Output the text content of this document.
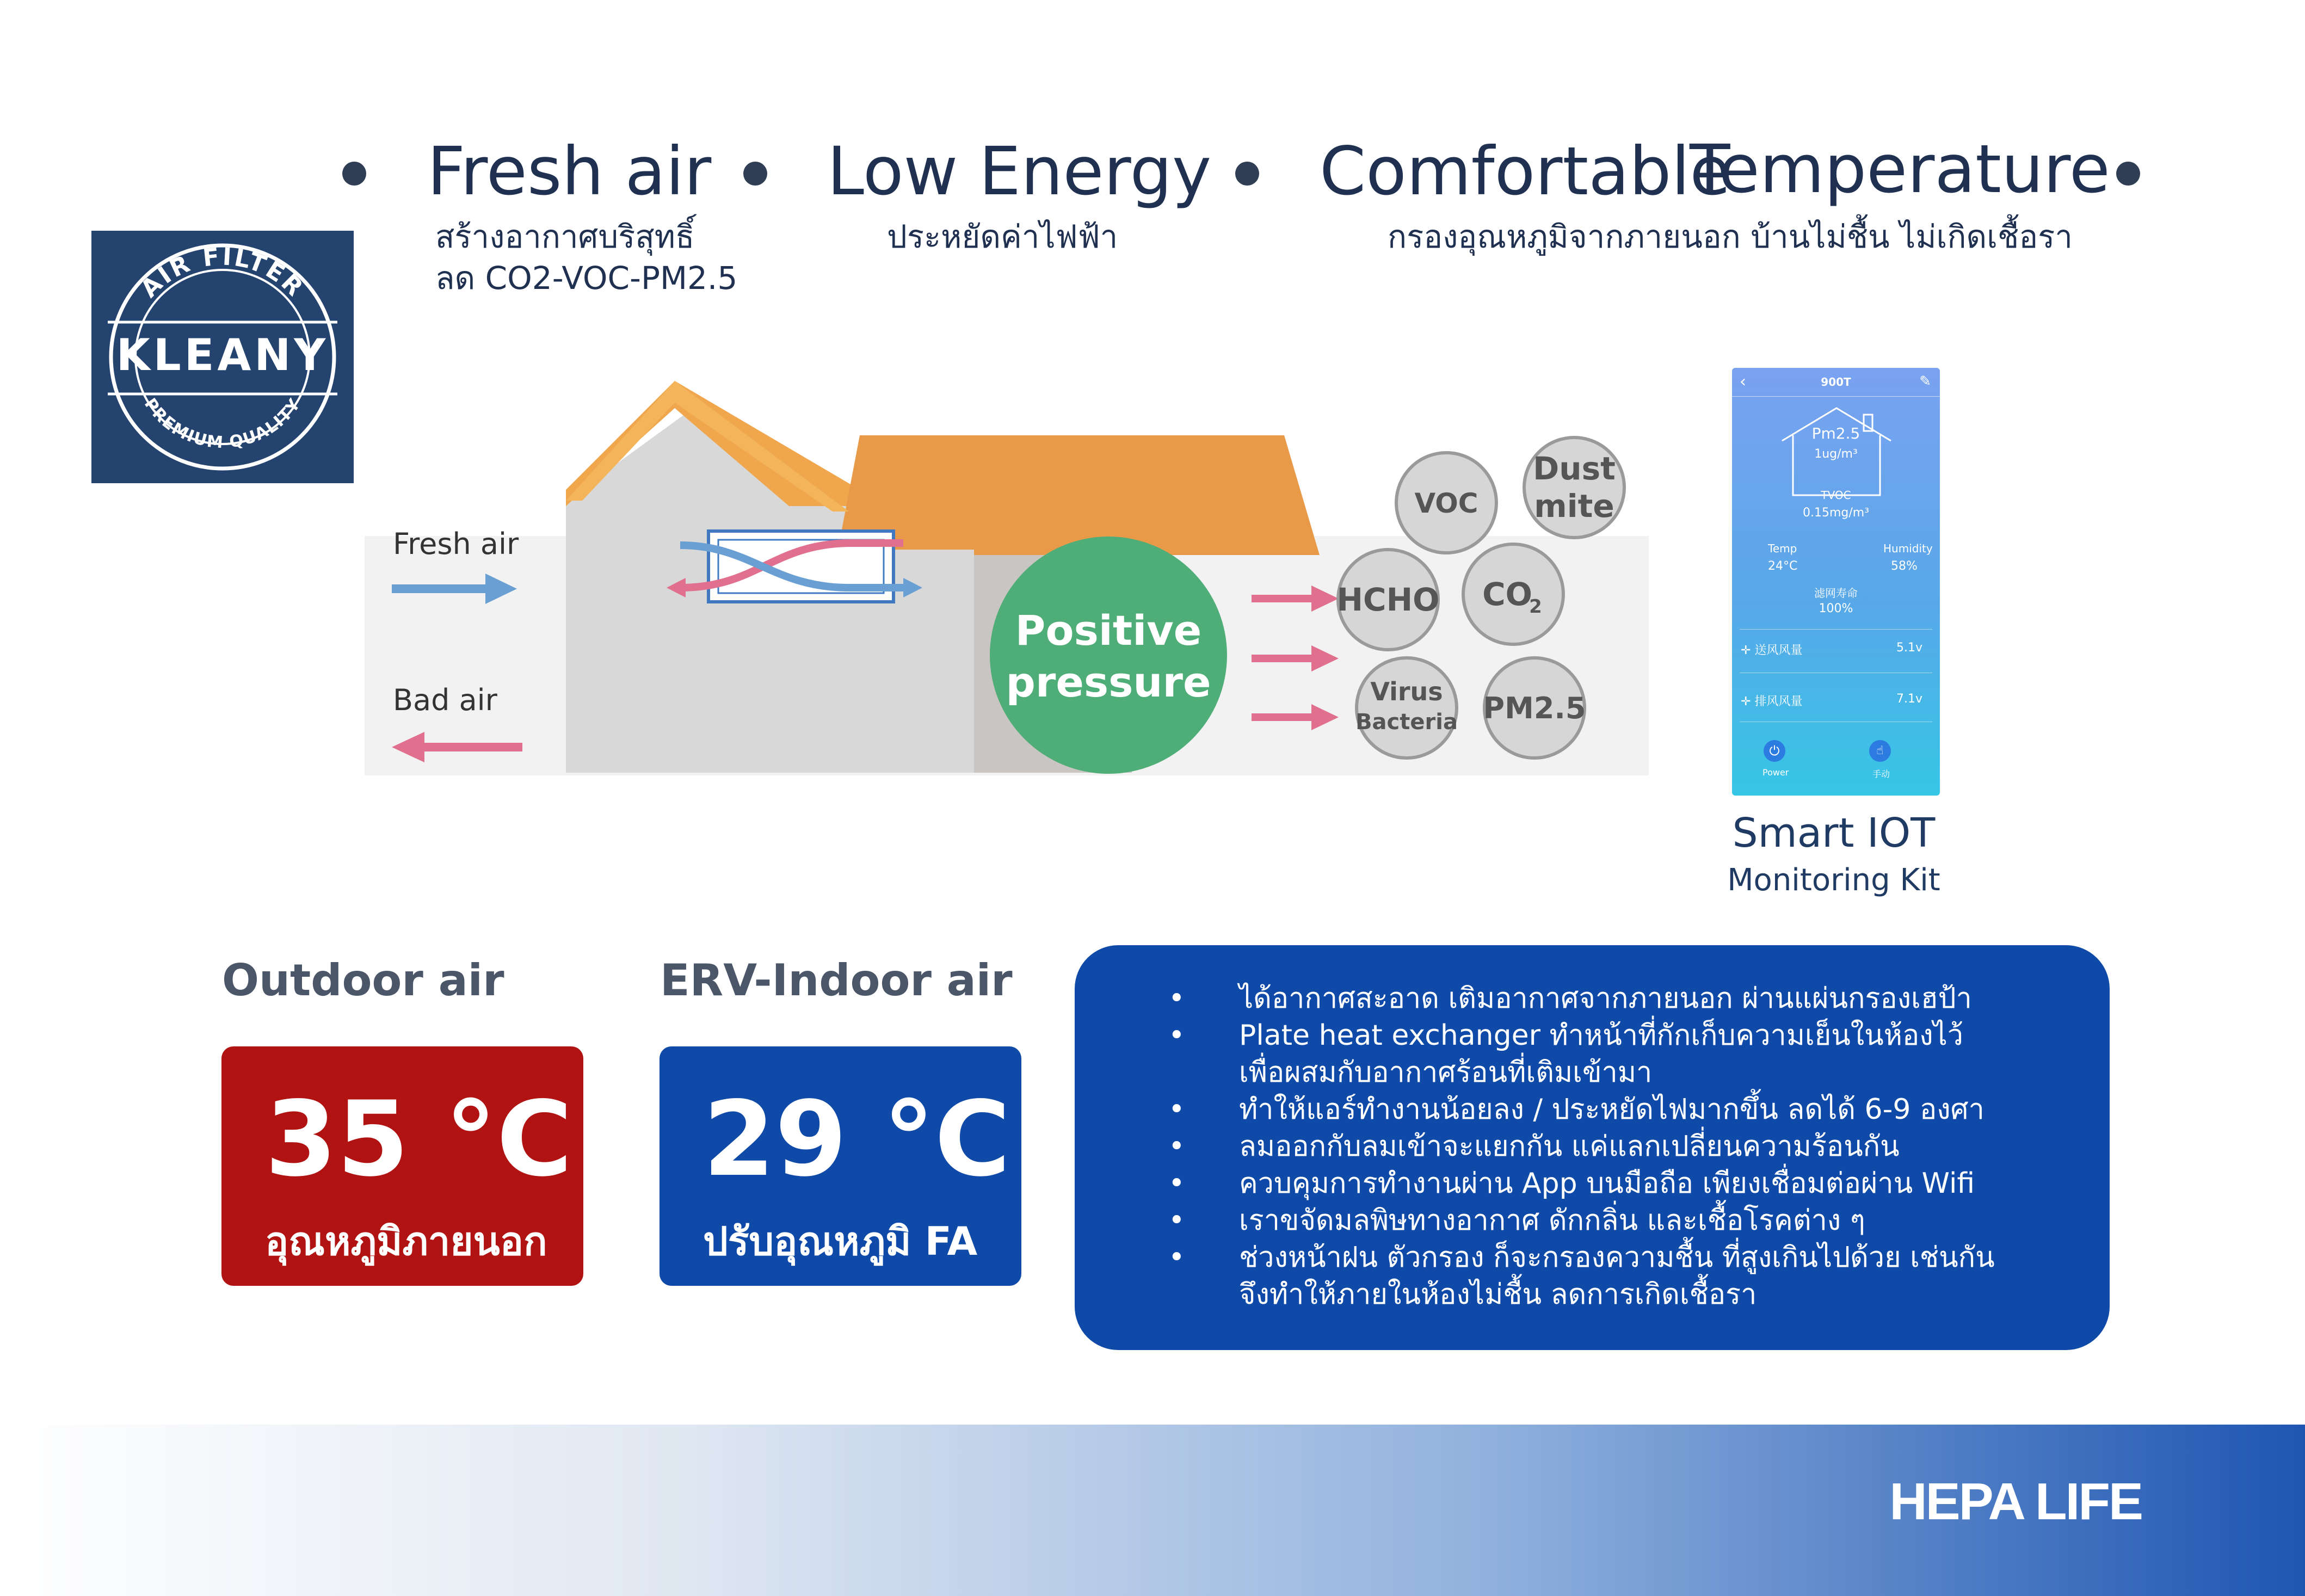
Fresh air Low Energy Comfortable
Temperature
สร้างอากาศบริสุทธิ์
ลด CO2-VOC-PM2.5
ประหยัดค่าไฟฟ้า	กรองอุณหภูมิจากภายนอก บ้านไม่ชื้น ไม่เกิดเชื้อรา
AIR FILTER
PREMIUM QUALITY
KLEANY
Positive
pressure
VOC
Dust
mite
HCHO CO
2
Virus
Bacteria PM2.5
Fresh air
Bad air
‹	900T	✎
Pm2.5
1ug/m³
TVOC
0.15mg/m³
Temp
24°C
Humidity
58%
滤网寿命
100%
✛ 送风风量	5.1v
✛ 排风风量	7.1v
⏻
Power
☝
手动
Smart IOT
Monitoring Kit
Outdoor air
35 °C
อุณหภูมิภายนอก
ERV-Indoor air
29 °C
ปรับอุณหภูมิ FA
• ได้อากาศสะอาด เติมอากาศจากภายนอก ผ่านแผ่นกรองเฮป้า
• Plate heat exchanger ทำหน้าที่กักเก็บความเย็นในห้องไว้
เพื่อผสมกับอากาศร้อนที่เติมเข้ามา
• ทำให้แอร์ทำงานน้อยลง / ประหยัดไฟมากขึ้น ลดได้ 6-9 องศา
• ลมออกกับลมเข้าจะแยกกัน แค่แลกเปลี่ยนความร้อนกัน
• ควบคุมการทำงานผ่าน App บนมือถือ เพียงเชื่อมต่อผ่าน Wifi
• เราขจัดมลพิษทางอากาศ ดักกลิ่น และเชื้อโรคต่าง ๆ
• ช่วงหน้าฝน ตัวกรอง ก็จะกรองความชื้น ที่สูงเกินไปด้วย เช่นกัน
จึงทำให้ภายในห้องไม่ชื้น ลดการเกิดเชื้อรา
HEPA LIFE
